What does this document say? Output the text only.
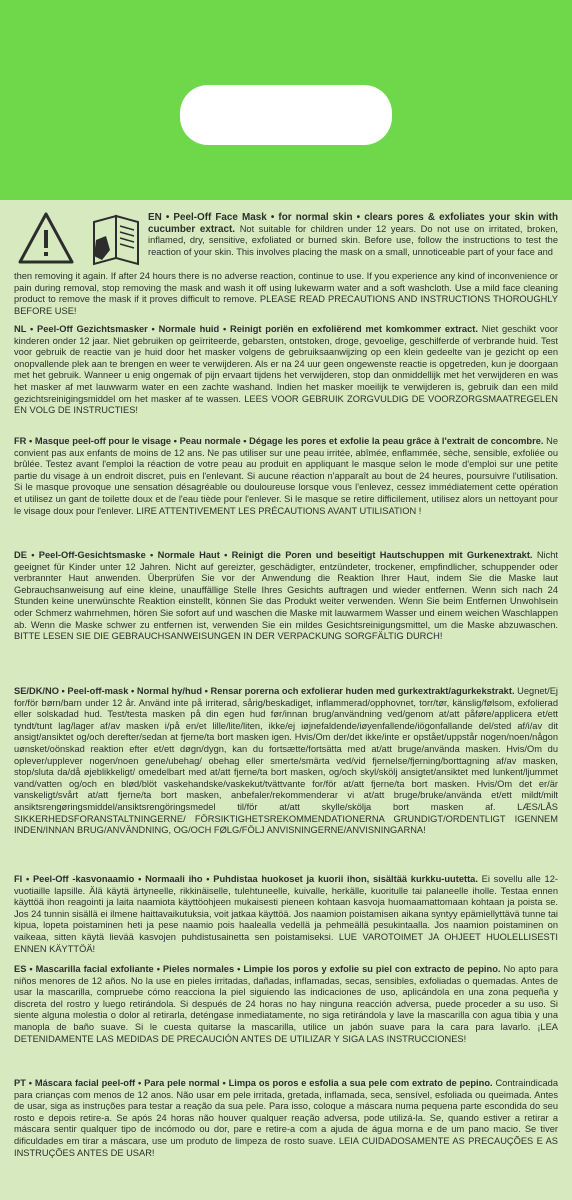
EN • Peel-Off Face Mask • for normal skin • clears pores & exfoliates your skin with cucumber extract. Not suitable for children under 12 years. Do not use on irritated, broken, inflamed, dry, sensitive, exfoliated or burned skin. Before use, follow the instructions to test the reaction of your skin. This involves placing the mask on a small, unnoticeable part of your face and
then removing it again. If after 24 hours there is no adverse reaction, continue to use. If you experience any kind of inconvenience or pain during removal, stop removing the mask and wash it off using lukewarm water and a soft washcloth. Use a mild face cleaning product to remove the mask if it proves difficult to remove. PLEASE READ PRECAUTIONS AND INSTRUCTIONS THOROUGHLY BEFORE USE!
NL • Peel-Off Gezichtsmasker • Normale huid • Reinigt poriën en exfoliërend met komkommer extract. Niet geschikt voor kinderen onder 12 jaar. Niet gebruiken op geïrriteerde, gebarsten, ontstoken, droge, gevoelige, geschilferde of verbrande huid. Test voor gebruik de reactie van je huid door het masker volgens de gebruiksaanwijzing op een klein gedeelte van je gezicht op een onopvallende plek aan te brengen en weer te verwijderen. Als er na 24 uur geen ongewenste reactie is opgetreden, kun je doorgaan met het gebruik. Wanneer u enig ongemak of pijn ervaart tijdens het verwijderen, stop dan onmiddellijk met het verwijderen en was het masker af met lauwwarm water en een zachte washand. Indien het masker moeilijk te verwijderen is, gebruik dan een mild gezichtsreinigingsmiddel om het masker af te wassen. LEES VOOR GEBRUIK ZORGVULDIG DE VOORZORGSMAATREGELEN EN VOLG DE INSTRUCTIES!
FR • Masque peel-off pour le visage • Peau normale • Dégage les pores et exfolie la peau grâce à l'extrait de concombre. Ne convient pas aux enfants de moins de 12 ans. Ne pas utiliser sur une peau irritée, abîmée, enflammée, sèche, sensible, exfoliée ou brûlée. Testez avant l'emploi la réaction de votre peau au produit en appliquant le masque selon le mode d'emploi sur une petite partie du visage à un endroit discret, puis en l'enlevant. Si aucune réaction n'apparaît au bout de 24 heures, poursuivre l'utilisation. Si le masque provoque une sensation désagréable ou douloureuse lorsque vous l'enlevez, cessez immédiatement cette opération et utilisez un gant de toilette doux et de l'eau tiède pour l'enlever. Si le masque se retire difficilement, utilisez alors un nettoyant pour le visage doux pour l'enlever. LIRE ATTENTIVEMENT LES PRÉCAUTIONS AVANT UTILISATION !
DE • Peel-Off-Gesichtsmaske • Normale Haut • Reinigt die Poren und beseitigt Hautschuppen mit Gurkenextrakt. Nicht geeignet für Kinder unter 12 Jahren. Nicht auf gereizter, geschädigter, entzündeter, trockener, empfindlicher, schuppender oder verbrannter Haut anwenden. Überprüfen Sie vor der Anwendung die Reaktion Ihrer Haut, indem Sie die Maske laut Gebrauchsanweisung auf eine kleine, unauffällige Stelle Ihres Gesichts auftragen und wieder entfernen. Wenn sich nach 24 Stunden keine unerwünschte Reaktion einstellt, können Sie das Produkt weiter verwenden. Wenn Sie beim Entfernen Unwohlsein oder Schmerz wahrnehmen, hören Sie sofort auf und waschen die Maske mit lauwarmem Wasser und einem weichen Waschlappen ab. Wenn die Maske schwer zu entfernen ist, verwenden Sie ein mildes Gesichtsreinigungsmittel, um die Maske abzuwaschen. BITTE LESEN SIE DIE GEBRAUCHSANWEISUNGEN IN DER VERPACKUNG SORGFÄLTIG DURCH!
SE/DK/NO • Peel-off-mask • Normal hy/hud • Rensar porerna och exfolierar huden med gurkextrakt/agurkekstrakt. Uegnet/Ej for/för børn/barn under 12 år. Använd inte på irriterad, sårig/beskadiget, inflammerad/opphovnet, torr/tør, känslig/følsom, exfolierad eller solskadad hud. Test/testa masken på din egen hud før/innan brug/användning ved/genom at/att påføre/applicera et/ett tyndt/tunt lag/lager af/av masken i/på en/et lille/lite/liten, ikke/ej iøjnefaldende/iøyenfallende/iögonfallande del/sted af/i/av dit ansigt/ansiktet og/och derefter/sedan at fjerne/ta bort masken igen. Hvis/Om der/det ikke/inte er opstået/uppstår nogen/noen/någon uønsket/oönskad reaktion efter et/ett døgn/dygn, kan du fortsætte/fortsätta med at/att bruge/använda masken. Hvis/Om du oplever/upplever nogen/noen gene/ubehag/ obehag eller smerte/smärta ved/vid fjernelse/fjerning/borttagning af/av masken, stop/sluta da/då øjeblikkeligt/ omedelbart med at/att fjerne/ta bort masken, og/och skyl/skölj ansigtet/ansiktet med lunkent/ljummet vand/vatten og/och en blød/blöt vaskehandske/vaskekut/tvättvante for/för at/att fjerne/ta bort masken. Hvis/Om det er/är vanskeligt/svårt at/att fjerne/ta bort masken, anbefaler/rekommenderar vi at/att bruge/bruke/använda et/ett mildt/milt ansiktsrengøringsmiddel/ansiktsrengöringsmedel til/för at/att skylle/skölja bort masken af. LÆS/LÅS SIKKERHEDSFORANSTALTNINGERNE/ FÖRSIKTIGHETSREKOMMENDATIONERNA GRUNDIGT/ORDENTLIGT IGENNEM INDEN/INNAN BRUG/ANVÄNDNING, OG/OCH FØLG/FÖLJ ANVISNINGERNE/ANVISNINGARNA!
FI • Peel-Off -kasvonaamio • Normaali iho • Puhdistaa huokoset ja kuorii ihon, sisältää kurkku-uutetta. Ei sovellu alle 12-vuotiaille lapsille. Älä käytä ärtyneelle, rikkinäiselle, tulehtuneelle, kuivalle, herkälle, kuoritulle tai palaneelle iholle. Testaa ennen käyttöä ihon reagointi ja laita naamiota käyttöohjeen mukaisesti pieneen kohtaan kasvoja huomaamattomaan kohtaan ja poista se. Jos 24 tunnin sisällä ei ilmene haittavaikutuksia, voit jatkaa käyttöä. Jos naamion poistamisen aikana syntyy epämiellyttävä tunne tai kipua, lopeta poistaminen heti ja pese naamio pois haalealla vedellä ja pehmeällä pesukintaalla. Jos naamion poistaminen on vaikeaa, sitten käytä lievää kasvojen puhdistusainetta sen poistamiseksi. LUE VAROTOIMET JA OHJEET HUOLELLISESTI ENNEN KÄYTTÖÄ!
ES • Mascarilla facial exfoliante • Pieles normales • Limpie los poros y exfolie su piel con extracto de pepino. No apto para niños menores de 12 años. No la use en pieles irritadas, dañadas, inflamadas, secas, sensibles, exfoliadas o quemadas. Antes de usar la mascarilla, compruebe cómo reacciona la piel siguiendo las indicaciones de uso, aplicándola en una zona pequeña y discreta del rostro y luego retirándola. Si después de 24 horas no hay ninguna reacción adversa, puede proceder a su uso. Si siente alguna molestia o dolor al retirarla, deténgase inmediatamente, no siga retirándola y lave la mascarilla con agua tibia y una manopla de baño suave. Si le cuesta quitarse la mascarilla, utilice un jabón suave para la cara para lavarlo. ¡LEA DETENIDAMENTE LAS MEDIDAS DE PRECAUCIÓN ANTES DE UTILIZAR Y SIGA LAS INSTRUCCIONES!
PT • Máscara facial peel-off • Para pele normal • Limpa os poros e esfolia a sua pele com extrato de pepino. Contraindicada para crianças com menos de 12 anos. Não usar em pele irritada, gretada, inflamada, seca, sensível, esfoliada ou queimada. Antes de usar, siga as instruções para testar a reação da sua pele. Para isso, coloque a máscara numa pequena parte escondida do seu rosto e depois retire-a. Se após 24 horas não houver qualquer reação adversa, pode utilizá-la. Se, quando estiver a retirar a máscara sentir qualquer tipo de incómodo ou dor, pare e retire-a com a ajuda de água morna e de um pano macio. Se tiver dificuldades em tirar a máscara, use um produto de limpeza de rosto suave. LEIA CUIDADOSAMENTE AS PRECAUÇÕES E AS INSTRUÇÕES ANTES DE USAR!
